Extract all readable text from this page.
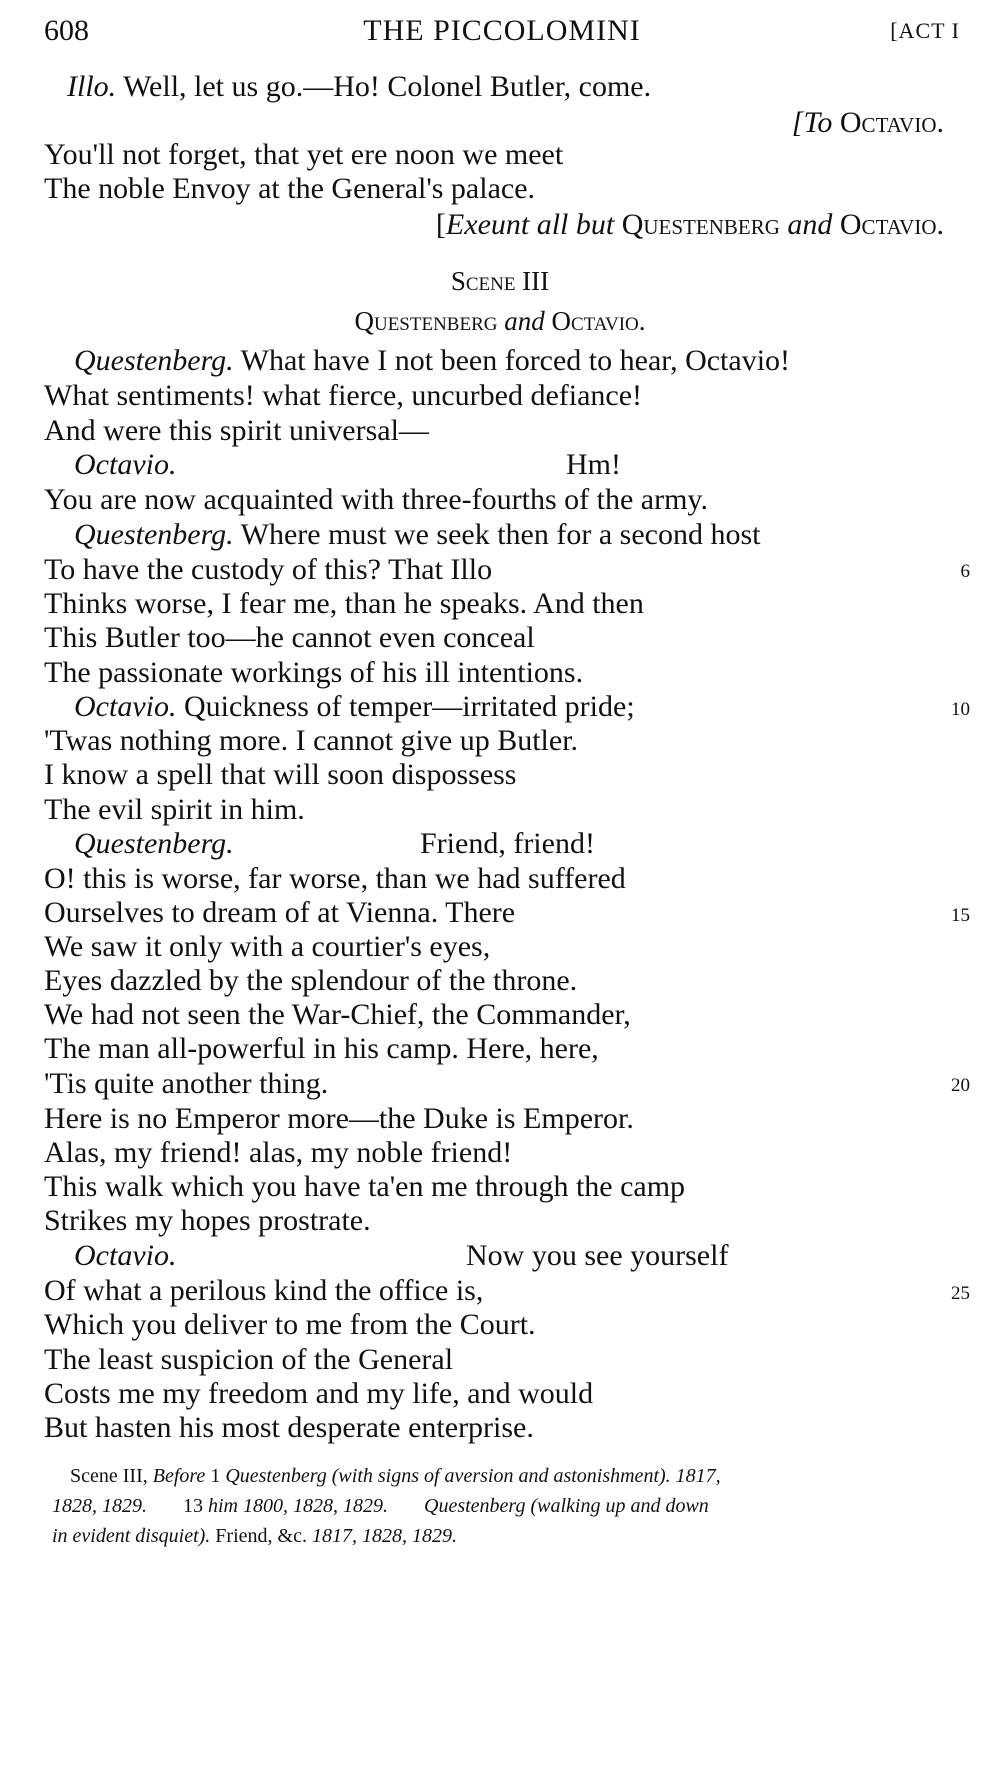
608	THE PICCOLOMINI	[ACT I
Illo. Well, let us go.—Ho! Colonel Butler, come.
[To Octavio.
You'll not forget, that yet ere noon we meet
The noble Envoy at the General's palace.
[Exeunt all but Questenberg and Octavio.
Scene III
Questenberg and Octavio.
Questenberg. What have I not been forced to hear, Octavio!
What sentiments! what fierce, uncurbed defiance!
And were this spirit universal—
Octavio.	Hm!
You are now acquainted with three-fourths of the army.
Questenberg. Where must we seek then for a second host
To have the custody of this? That Illo	6
Thinks worse, I fear me, than he speaks. And then
This Butler too—he cannot even conceal
The passionate workings of his ill intentions.
Octavio. Quickness of temper—irritated pride;	10
'Twas nothing more. I cannot give up Butler.
I know a spell that will soon dispossess
The evil spirit in him.
Questenberg.	Friend, friend!
O! this is worse, far worse, than we had suffered
Ourselves to dream of at Vienna. There	15
We saw it only with a courtier's eyes,
Eyes dazzled by the splendour of the throne.
We had not seen the War-Chief, the Commander,
The man all-powerful in his camp. Here, here,
'Tis quite another thing.	20
Here is no Emperor more—the Duke is Emperor.
Alas, my friend! alas, my noble friend!
This walk which you have ta'en me through the camp
Strikes my hopes prostrate.
Octavio.	Now you see yourself
Of what a perilous kind the office is,	25
Which you deliver to me from the Court.
The least suspicion of the General
Costs me my freedom and my life, and would
But hasten his most desperate enterprise.
Scene III, Before 1 Questenberg (with signs of aversion and astonishment). 1817,
1828, 1829. 13 him 1800, 1828, 1829. Questenberg (walking up and down
in evident disquiet). Friend, &c. 1817, 1828, 1829.
